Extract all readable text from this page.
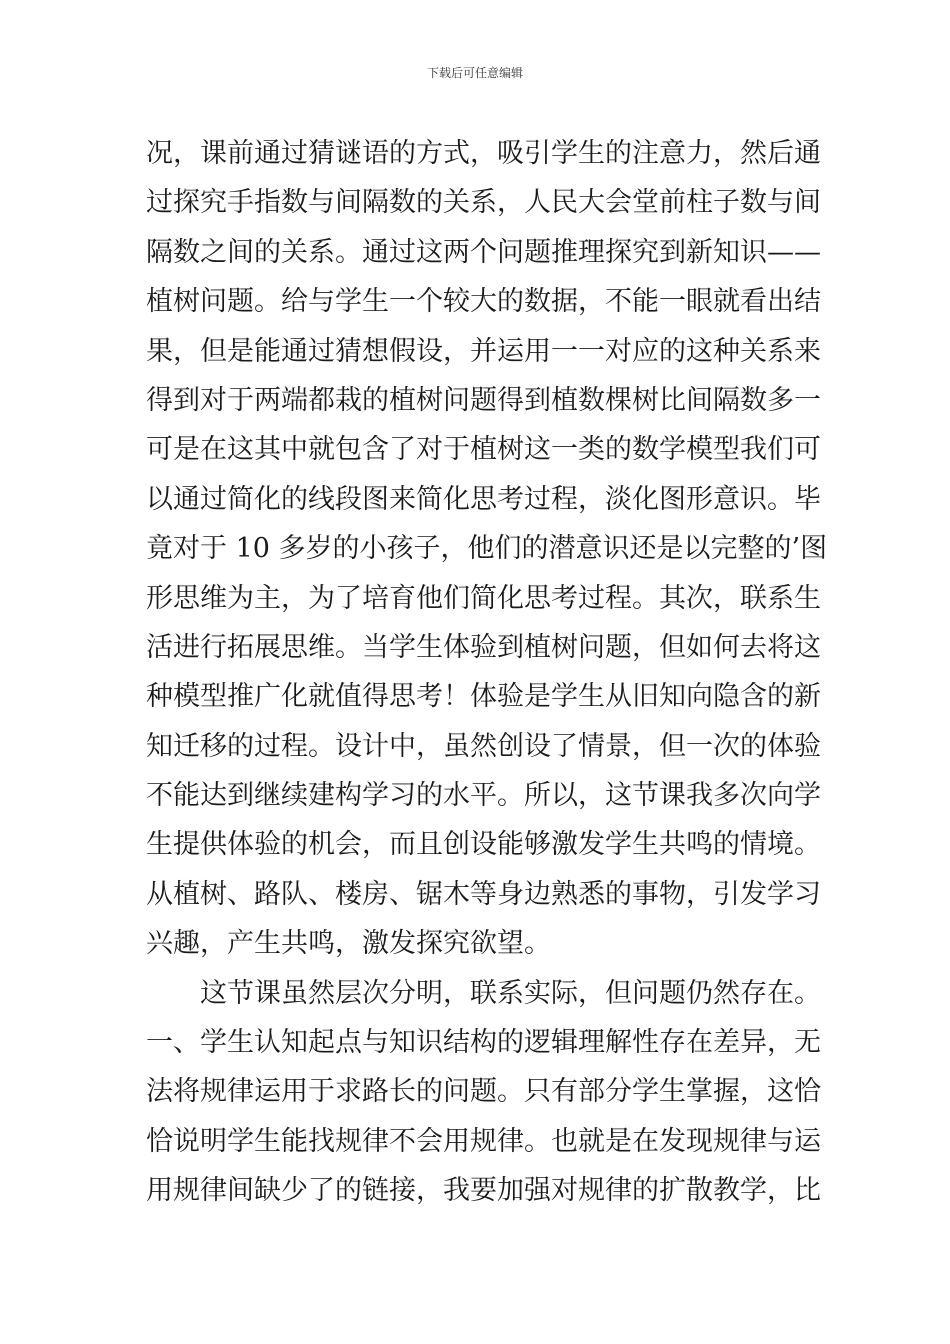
下载后可任意编辑
况，课前通过猜谜语的方式，吸引学生的注意力，然后通
过探究手指数与间隔数的关系，人民大会堂前柱子数与间
隔数之间的关系。通过这两个问题推理探究到新知识——
植树问题。给与学生一个较大的数据，不能一眼就看出结
果，但是能通过猜想假设，并运用一一对应的这种关系来
得到对于两端都栽的植树问题得到植数棵树比间隔数多一
可是在这其中就包含了对于植树这一类的数学模型我们可
以通过简化的线段图来简化思考过程，淡化图形意识。毕
竟对于 10 多岁的小孩子，他们的潜意识还是以完整的’图
形思维为主，为了培育他们简化思考过程。其次，联系生
活进行拓展思维。当学生体验到植树问题，但如何去将这
种模型推广化就值得思考！体验是学生从旧知向隐含的新
知迁移的过程。设计中，虽然创设了情景，但一次的体验
不能达到继续建构学习的水平。所以，这节课我多次向学
生提供体验的机会，而且创设能够激发学生共鸣的情境。
从植树、路队、楼房、锯木等身边熟悉的事物，引发学习
兴趣，产生共鸣，激发探究欲望。
这节课虽然层次分明，联系实际，但问题仍然存在。
一、学生认知起点与知识结构的逻辑理解性存在差异，无
法将规律运用于求路长的问题。只有部分学生掌握，这恰
恰说明学生能找规律不会用规律。也就是在发现规律与运
用规律间缺少了的链接，我要加强对规律的扩散教学，比
